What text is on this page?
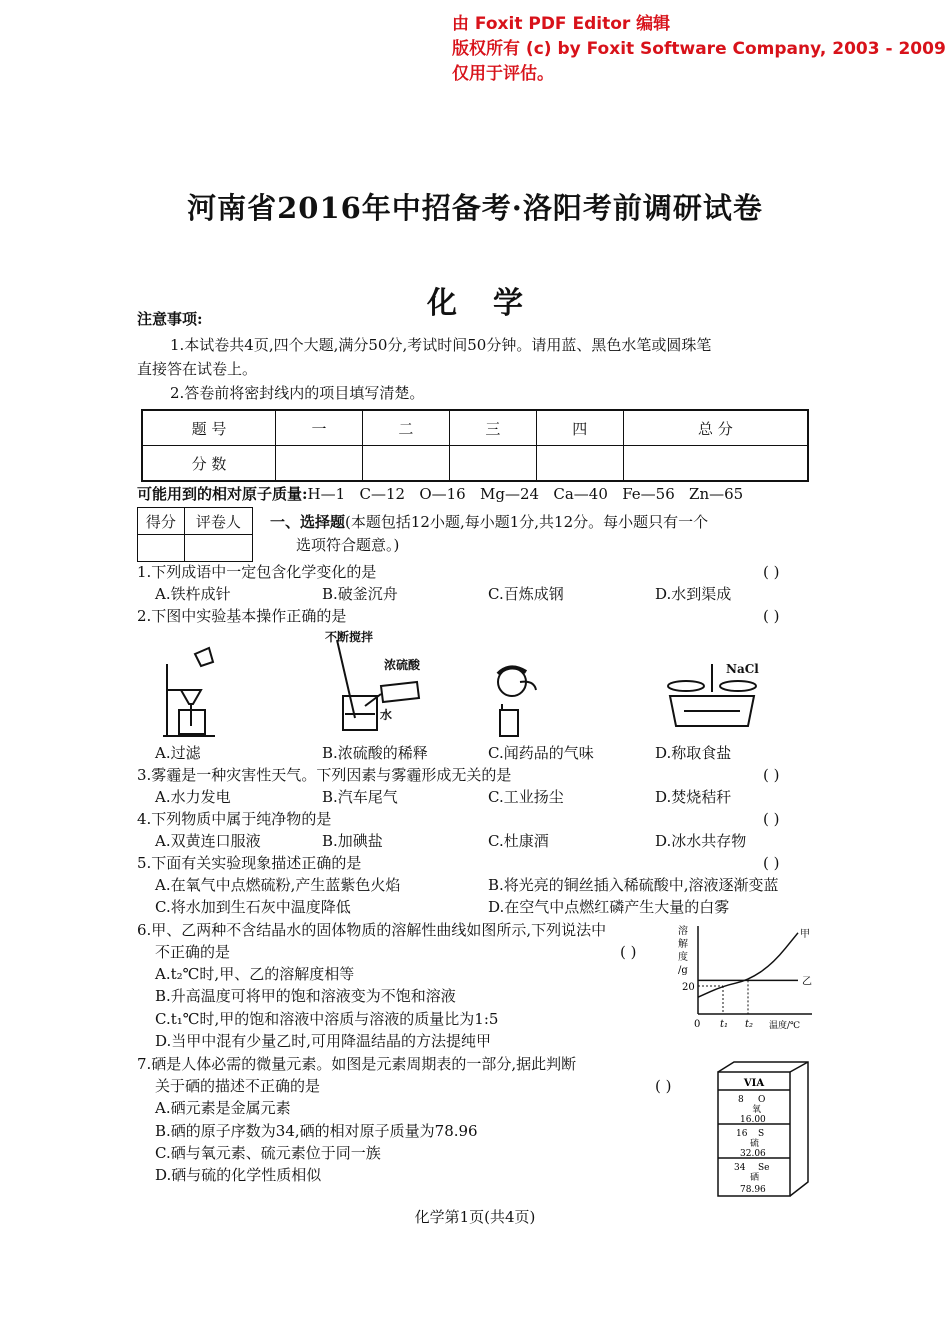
由 Foxit PDF Editor 编辑
版权所有 (c) by Foxit Software Company, 2003 - 2009
仅用于评估。
河南省2016年中招备考·洛阳考前调研试卷
化 学
注意事项:
1.本试卷共4页,四个大题,满分50分,考试时间50分钟。请用蓝、黑色水笔或圆珠笔
直接答在试卷上。
2.答卷前将密封线内的项目填写清楚。
题 号	一	二	三	四	总 分
分 数					
可能用到的相对原子质量:H—1   C—12   O—16   Mg—24   Ca—40   Fe—56   Zn—65
得分	评卷人
	一、选择题(本题包括12小题,每小题1分,共12分。每小题只有一个
选项符合题意。)
1.下列成语中一定包含化学变化的是	( )
A.铁杵成针	B.破釜沉舟	C.百炼成钢	D.水到渠成
2.下图中实验基本操作正确的是	( )
不断搅拌
浓硫酸
水
NaCl
A.过滤	B.浓硫酸的稀释	C.闻药品的气味	D.称取食盐
3.雾霾是一种灾害性天气。下列因素与雾霾形成无关的是	( )
A.水力发电	B.汽车尾气	C.工业扬尘	D.焚烧秸秆
4.下列物质中属于纯净物的是	( )
A.双黄连口服液	B.加碘盐	C.杜康酒	D.冰水共存物
5.下面有关实验现象描述正确的是	( )
A.在氧气中点燃硫粉,产生蓝紫色火焰	B.将光亮的铜丝插入稀硫酸中,溶液逐渐变蓝
C.将水加到生石灰中温度降低	D.在空气中点燃红磷产生大量的白雾
6.甲、乙两种不含结晶水的固体物质的溶解性曲线如图所示,下列说法中
不正确的是	( )
A.t₂℃时,甲、乙的溶解度相等
B.升高温度可将甲的饱和溶液变为不饱和溶液
C.t₁℃时,甲的饱和溶液中溶质与溶液的质量比为1:5
D.当甲中混有少量乙时,可用降温结晶的方法提纯甲
溶
解
度
/g
甲
乙
20
0 t₁ t₂ 温度/℃
7.硒是人体必需的微量元素。如图是元素周期表的一部分,据此判断
关于硒的描述不正确的是	( )
A.硒元素是金属元素
B.硒的原子序数为34,硒的相对原子质量为78.96
C.硒与氧元素、硫元素位于同一族
D.硒与硫的化学性质相似
VIA
8 O
氧
16.00
16 S
硫
32.06
34 Se
硒
78.96
化学第1页(共4页)
